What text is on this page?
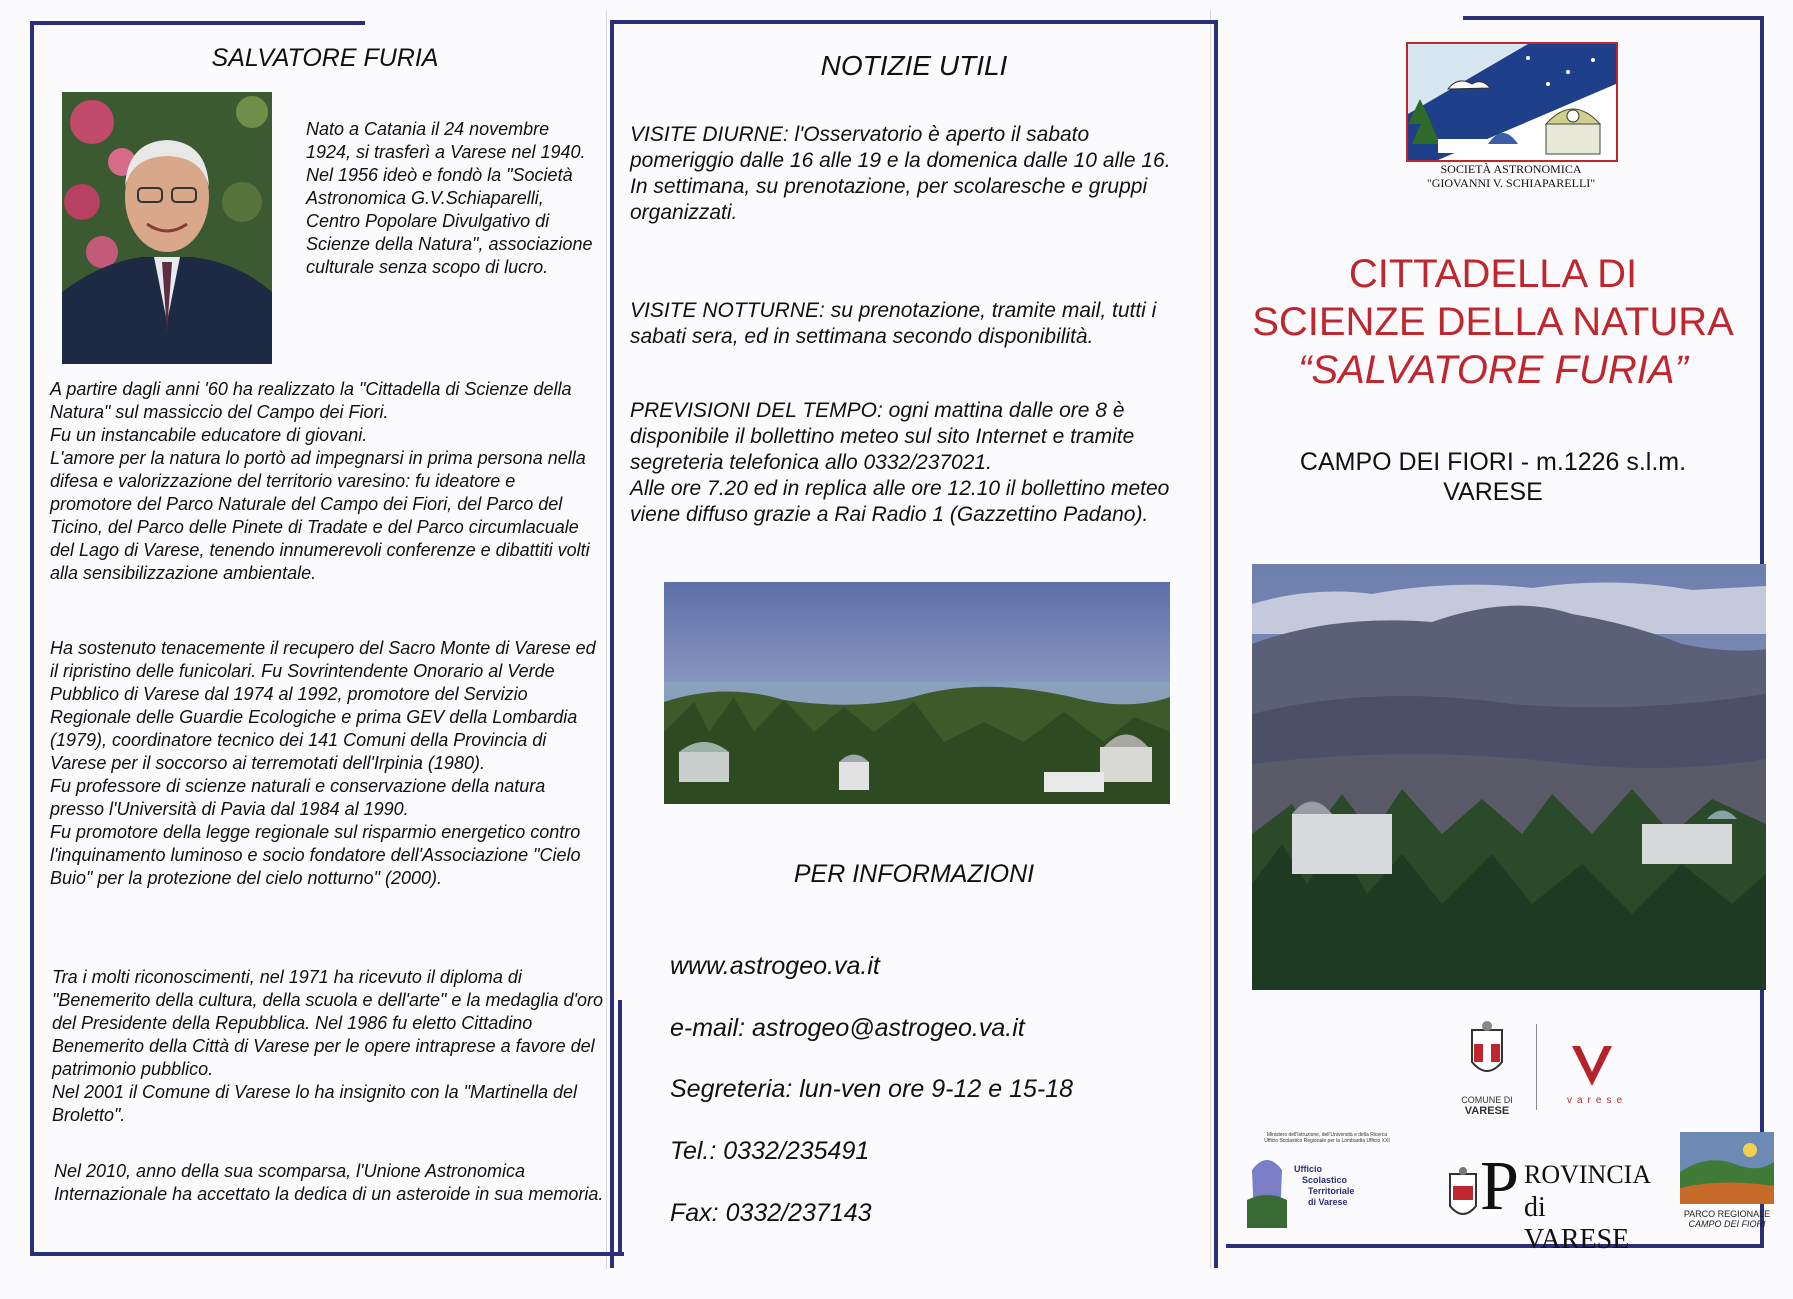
SALVATORE FURIA
Nato a Catania il 24 novembre 1924, si trasferì a Varese nel 1940. Nel 1956 ideò e fondò la "Società Astronomica G.V.Schiaparelli, Centro Popolare Divulgativo di Scienze della Natura", associazione culturale senza scopo di lucro.

A partire dagli anni '60 ha realizzato la "Cittadella di Scienze della Natura" sul massiccio del Campo dei Fiori.
Fu un instancabile educatore di giovani.
L'amore per la natura lo portò ad impegnarsi in prima persona nella difesa e valorizzazione del territorio varesino: fu ideatore e promotore del Parco Naturale del Campo dei Fiori, del Parco del Ticino, del Parco delle Pinete di Tradate e del Parco circumlacuale del Lago di Varese, tenendo innumerevoli conferenze e dibattiti volti alla sensibilizzazione ambientale.

Ha sostenuto tenacemente il recupero del Sacro Monte di Varese ed il ripristino delle funicolari. Fu Sovrintendente Onorario al Verde Pubblico di Varese dal 1974 al 1992, promotore del Servizio Regionale delle Guardie Ecologiche e prima GEV della Lombardia (1979), coordinatore tecnico dei 141 Comuni della Provincia di Varese per il soccorso ai terremotati dell'Irpinia (1980).
Fu professore di scienze naturali e conservazione della natura presso l'Università di Pavia dal 1984 al 1990.
Fu promotore della legge regionale sul risparmio energetico contro l'inquinamento luminoso e socio fondatore dell'Associazione "Cielo Buio" per la protezione del cielo notturno" (2000).

Tra i molti riconoscimenti, nel 1971 ha ricevuto il diploma di "Benemerito della cultura, della scuola e dell'arte" e la medaglia d'oro del Presidente della Repubblica. Nel 1986 fu eletto Cittadino Benemerito della Città di Varese per le opere intraprese a favore del patrimonio pubblico.
Nel 2001 il Comune di Varese lo ha insignito con la "Martinella del Broletto".

Nel 2010, anno della sua scomparsa, l'Unione Astronomica Internazionale ha accettato la dedica di un asteroide in sua memoria.

NOTIZIE UTILI

VISITE DIURNE: l'Osservatorio è aperto il sabato pomeriggio dalle 16 alle 19 e la domenica dalle 10 alle 16.

In settimana, su prenotazione, per scolaresche e gruppi organizzati.

VISITE NOTTURNE: su prenotazione, tramite mail, tutti i sabati sera, ed in settimana secondo disponibilità.

PREVISIONI DEL TEMPO: ogni mattina dalle ore 8 è disponibile il bollettino meteo sul sito Internet e tramite segreteria telefonica allo 0332/237021.

Alle ore 7.20 ed in replica alle ore 12.10 il bollettino meteo viene diffuso grazie a Rai Radio 1 (Gazzettino Padano).

PER INFORMAZIONI
www.astrogeo.va.it
e-mail: astrogeo@astrogeo.va.it
Segreteria: lun-ven ore 9-12 e 15-18
Tel.: 0332/235491
Fax: 0332/237143
SOCIETÀ ASTRONOMICA
"GIOVANNI V. SCHIAPARELLI"
CITTADELLA DI
SCIENZE DELLA NATURA
“SALVATORE FURIA”
CAMPO DEI FIORI - m.1226 s.l.m.
VARESE
COMUNE DI
VARESE
varese
Ministero dell'Istruzione, dell'Università e della Ricerca Ufficio Scolastico Regionale per la Lombardia Ufficio XXI
Ufficio
Scolastico
Territoriale
di Varese P ROVINCIA
di VARESE
PARCO REGIONALE
CAMPO DEI FIORI
